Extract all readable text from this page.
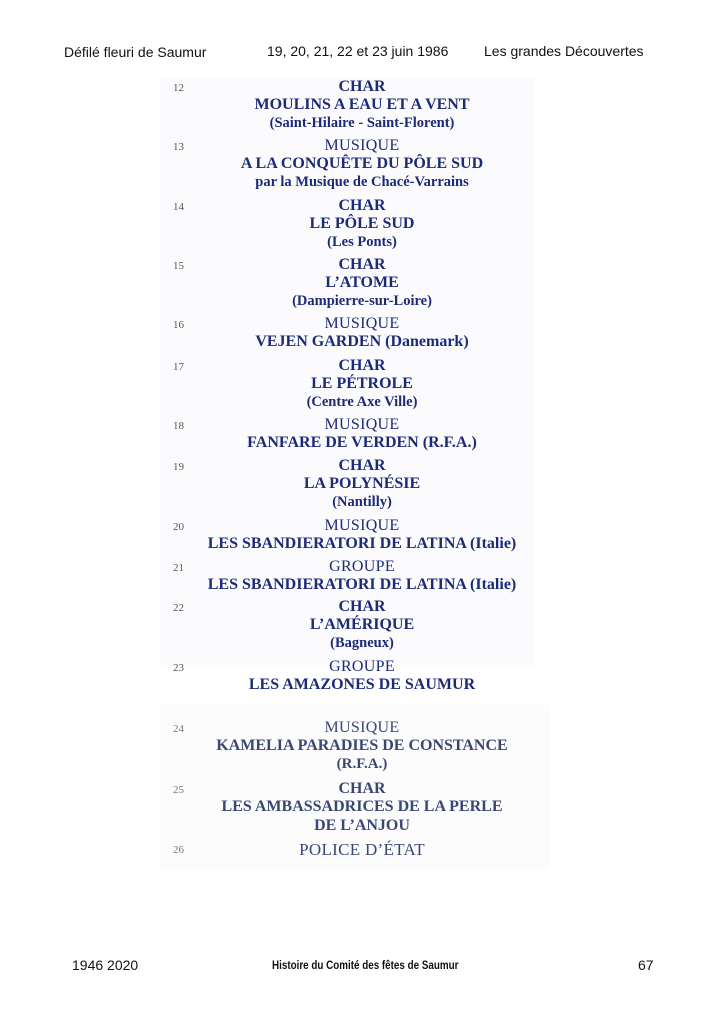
Défilé fleuri de Saumur	19, 20, 21, 22 et 23 juin 1986	Les grandes Découvertes
12	CHAR
MOULINS A EAU ET A VENT
(Saint-Hilaire - Saint-Florent)
13	MUSIQUE
A LA CONQUÊTE DU PÔLE SUD
par la Musique de Chacé-Varrains
14	CHAR
LE PÔLE SUD
(Les Ponts)
15	CHAR
L’ATOME
(Dampierre-sur-Loire)
16	MUSIQUE
VEJEN GARDEN (Danemark)
17	CHAR
LE PÉTROLE
(Centre Axe Ville)
18	MUSIQUE
FANFARE DE VERDEN (R.F.A.)
19	CHAR
LA POLYNÉSIE
(Nantilly)
20	MUSIQUE
LES SBANDIERATORI DE LATINA (Italie)
21	GROUPE
LES SBANDIERATORI DE LATINA (Italie)
22	CHAR
L’AMÉRIQUE
(Bagneux)
23	GROUPE
LES AMAZONES DE SAUMUR
24	MUSIQUE
KAMELIA PARADIES DE CONSTANCE
(R.F.A.)
25	CHAR
LES AMBASSADRICES DE LA PERLE
DE L’ANJOU
26	POLICE D’ÉTAT
1946 2020	Histoire du Comité des fêtes de Saumur	67
